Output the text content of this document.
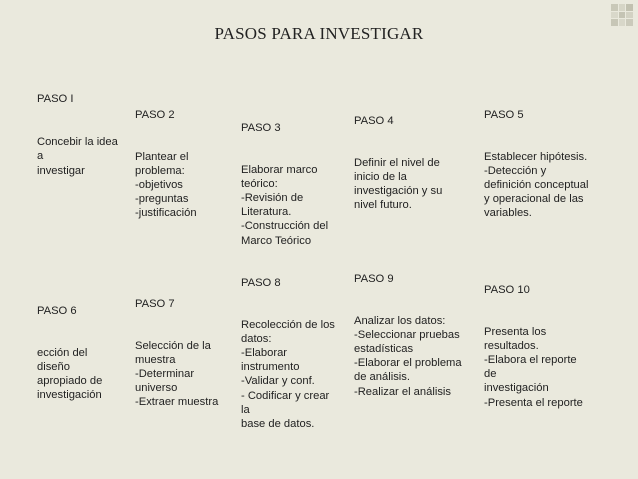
PASOS PARA INVESTIGAR

PASO I

Concebir la idea
a
investigar

PASO 2

Plantear el
problema:
-objetivos
-preguntas
-justificación

PASO 3

Elaborar marco
teórico:
-Revisión de
Literatura.
-Construcción del
Marco Teórico

PASO 4

Definir el nivel de
inicio de la
investigación y su
nivel futuro.

PASO 5

Establecer hipótesis.
-Detección y
definición conceptual
y operacional de las
variables.

PASO 6

ección del
diseño
apropiado de
investigación

PASO 7

Selección de la
muestra
-Determinar
universo
-Extraer muestra

PASO 8

Recolección de los
datos:
-Elaborar
instrumento
-Validar y conf.
- Codificar y crear
la
base de datos.

PASO 9

Analizar los datos:
-Seleccionar pruebas
estadísticas
-Elaborar el problema
de análisis.
-Realizar el análisis

PASO 10

Presenta los
resultados.
-Elabora el reporte
de
investigación
-Presenta el reporte
